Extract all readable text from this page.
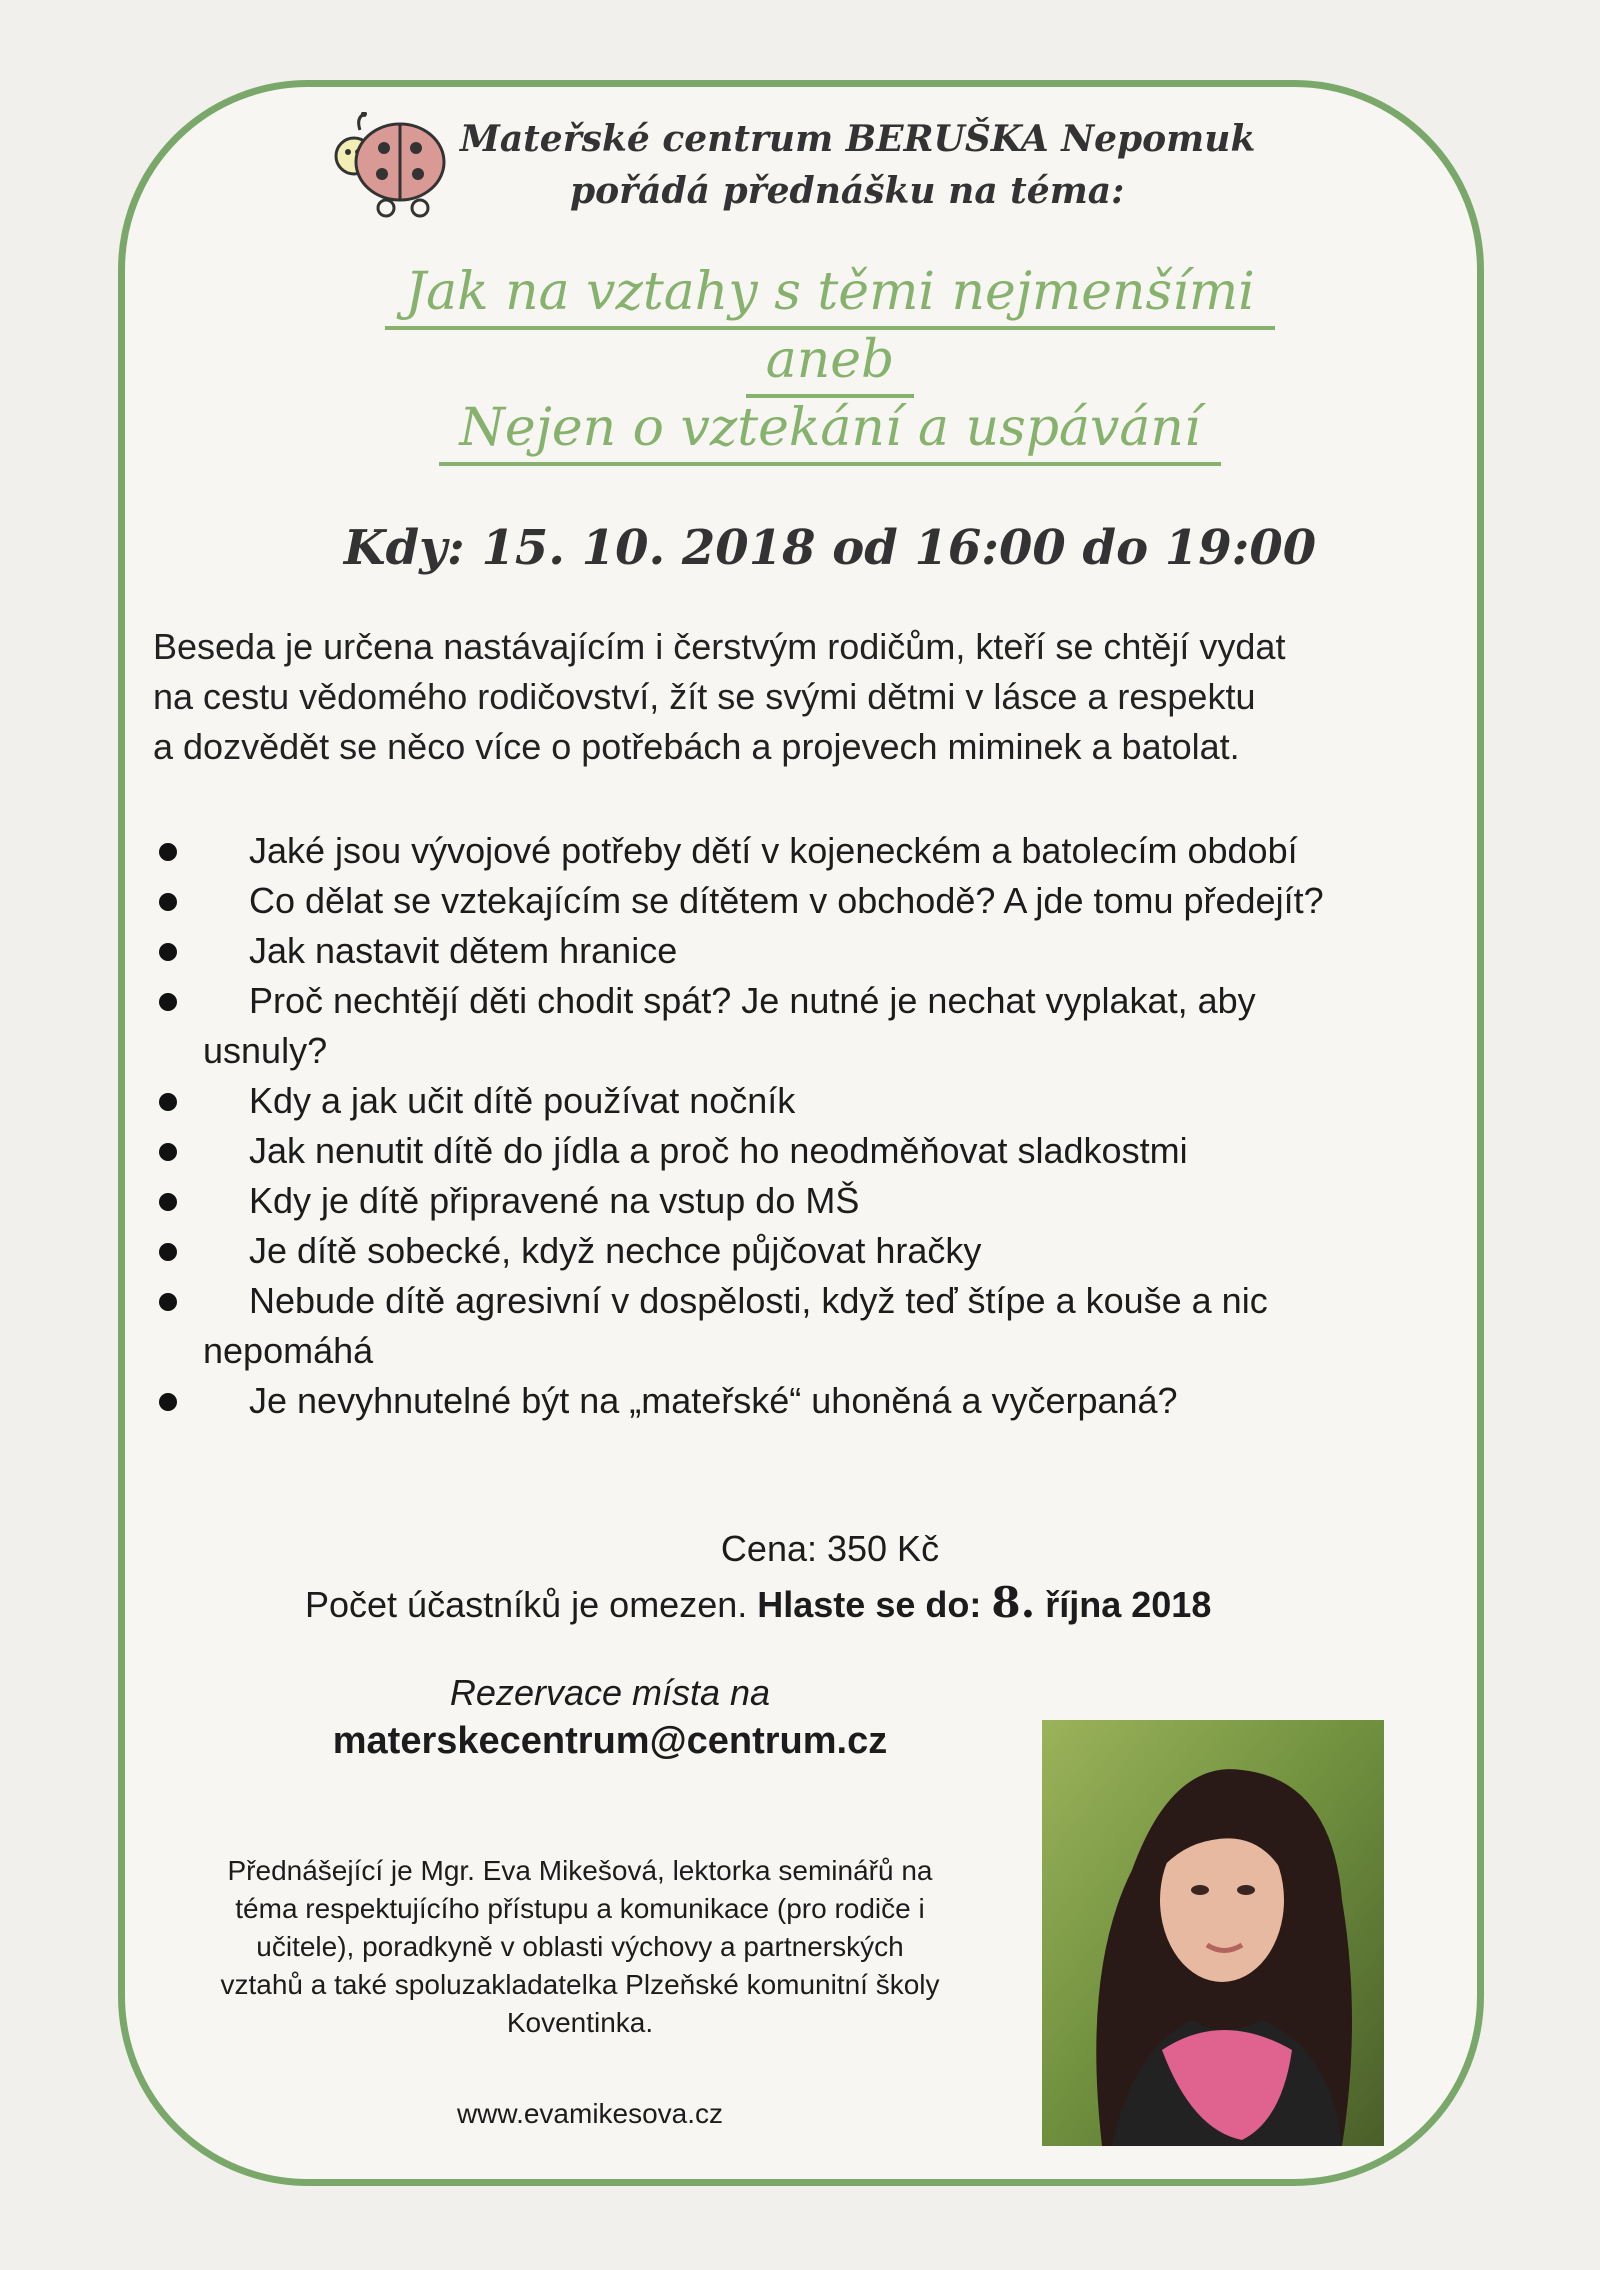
Mateřské centrum BERUŠKA Nepomuk
pořádá přednášku na téma:
Jak na vztahy s těmi nejmenšími
aneb
Nejen o vztekání a uspávání
Kdy: 15. 10. 2018 od 16:00 do 19:00
Beseda je určena nastávajícím i čerstvým rodičům, kteří se chtějí vydat
na cestu vědomého rodičovství, žít se svými dětmi v lásce a respektu
a dozvědět se něco více o potřebách a projevech miminek a batolat.
Jaké jsou vývojové potřeby dětí v kojeneckém a batolecím období
Co dělat se vztekajícím se dítětem v obchodě? A jde tomu předejít?
Jak nastavit dětem hranice
Proč nechtějí děti chodit spát? Je nutné je nechat vyplakat, aby
usnuly?
Kdy a jak učit dítě používat nočník
Jak nenutit dítě do jídla a proč ho neodměňovat sladkostmi
Kdy je dítě připravené na vstup do MŠ
Je dítě sobecké, když nechce půjčovat hračky
Nebude dítě agresivní v dospělosti, když teď štípe a kouše a nic
nepomáhá
Je nevyhnutelné být na „mateřské“ uhoněná a vyčerpaná?
Cena: 350 Kč
Počet účastníků je omezen. Hlaste se do: 8. října 2018
Rezervace místa na
materskecentrum@centrum.cz
Přednášející je Mgr. Eva Mikešová, lektorka seminářů na
téma respektujícího přístupu a komunikace (pro rodiče i
učitele), poradkyně v oblasti výchovy a partnerských
vztahů a také spoluzakladatelka Plzeňské komunitní školy
Koventinka.
www.evamikesova.cz
